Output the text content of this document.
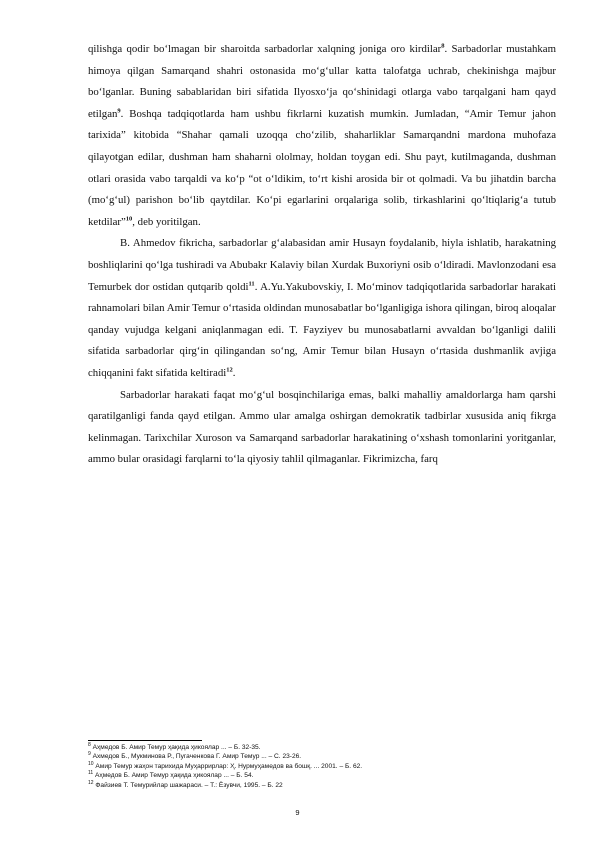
qilishga qodir bo‘lmagan bir sharoitda sarbadorlar xalqning joniga oro kirdilar$^8$. Sarbadorlar mustahkam himoya qilgan Samarqand shahri ostonasida mo‘g‘ullar katta talofatga uchrab, chekinishga majbur bo‘lganlar. Buning sabablaridan biri sifatida Ilyosxo‘ja qo‘shinidagi otlarga vabo tarqalgani ham qayd etilgan$^9$. Boshqa tadqiqotlarda ham ushbu fikrlarni kuzatish mumkin. Jumladan, “Amir Temur jahon tarixida” kitobida “Shahar qamali uzoqqa cho‘zilib, shaharliklar Samarqandni mardona muhofaza qilayotgan edilar, dushman ham shaharni ololmay, holdan toygan edi. Shu payt, kutilmaganda, dushman otlari orasida vabo tarqaldi va ko‘p “ot o‘ldikim, to‘rt kishi arosida bir ot qolmadi. Va bu jihatdin barcha (mo‘g‘ul) parishon bo‘lib qaytdilar. Ko‘pi egarlarini orqalariga solib, tirkashlarini qo‘ltiqlarig‘a tutub ketdilar”$^{10}$, deb yoritilgan.

B. Ahmedov fikricha, sarbadorlar g‘alabasidan amir Husayn foydalanib, hiyla ishlatib, harakatning boshliqlarini qo‘lga tushiradi va Abubakr Kalaviy bilan Xurdak Buxoriyni osib o‘ldiradi. Mavlonzodani esa Temurbek dor ostidan qutqarib qoldi$^{11}$. A.Yu.Yakubovskiy, I. Mo‘minov tadqiqotlarida sarbadorlar harakati rahnamolari bilan Amir Temur o‘rtasida oldindan munosabatlar bo‘lganligiga ishora qilingan, biroq aloqalar qanday vujudga kelgani aniqlanmagan edi. T. Fayziyev bu munosabatlarni avvaldan bo‘lganligi dalili sifatida sarbadorlar qirg‘in qilingandan so‘ng, Amir Temur bilan Husayn o‘rtasida dushmanlik avjiga chiqqanini fakt sifatida keltiradi$^{12}$.

Sarbadorlar harakati faqat mo‘g‘ul bosqinchilariga emas, balki mahalliy amaldorlarga ham qarshi qaratilganligi fanda qayd etilgan. Ammo ular amalga oshirgan demokratik tadbirlar xususida aniq fikrga kelinmagan. Tarixchilar Xuroson va Samarqand sarbadorlar harakatining o‘xshash tomonlarini yoritganlar, ammo bular orasidagi farqlarni to‘la qiyosiy tahlil qilmaganlar. Fikrimizcha, farq

$^8$ Аҳмедов Б. Амир Темур ҳақида ҳикоялар ... – Б. 32-35.

$^9$ Ахмедов Б., Мукминова Р., Пугаченкова Г. Амир Темур ... – С. 23-26.

$^{10}$ Амир Темур жаҳон тарихида Муҳаррирлар: Ҳ. Нурмуҳамедов ва бошқ. ... 2001. – Б. 62.

$^{11}$ Аҳмедов Б. Амир Темур ҳақида ҳикоялар ... – Б. 54.

$^{12}$ Файзиев Т. Темурийлар шажараси. – Т.: Ёзувчи, 1995. – Б. 22

9
